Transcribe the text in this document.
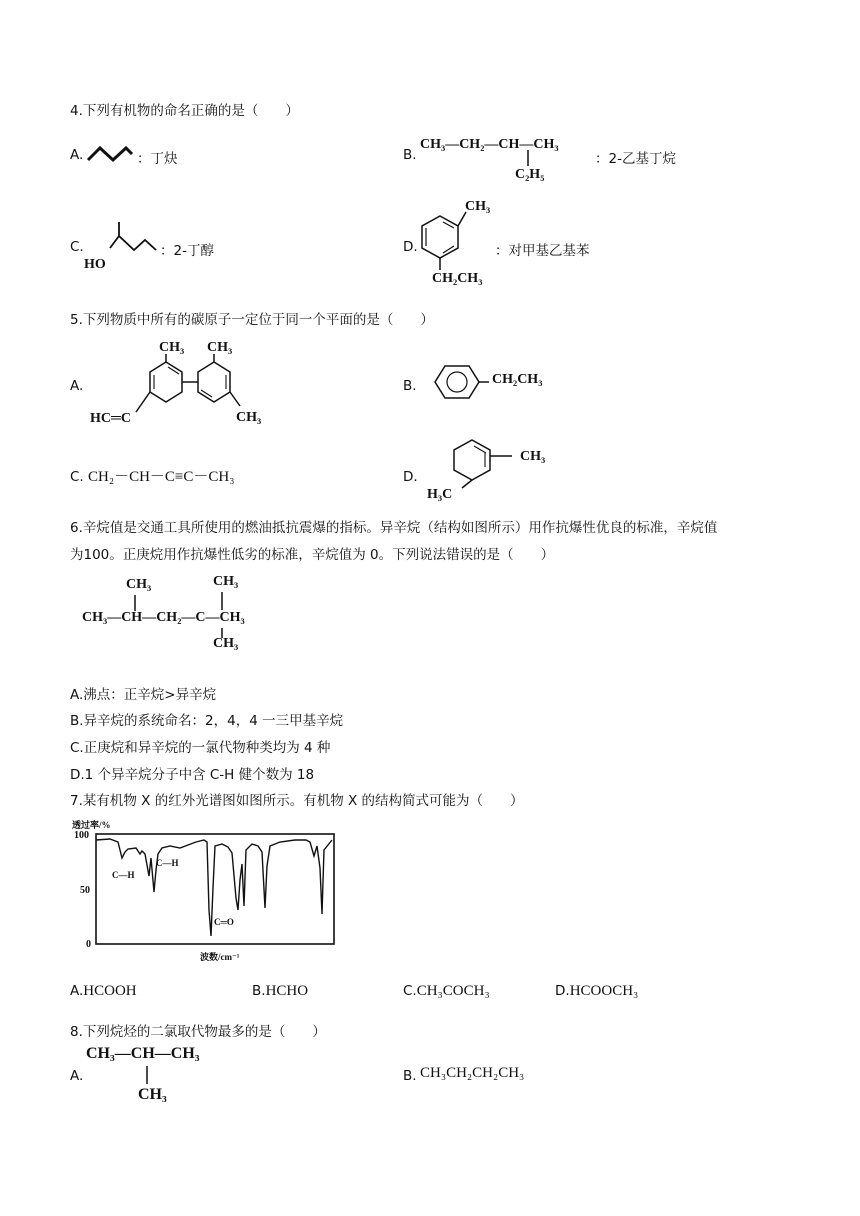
4.下列有机物的命名正确的是（　　）
A.	：丁炔	B.
CH₃—CH₂—CH—CH₃
C₂H₅
：2-乙基丁烷
C.
HO
：2-丁醇	D.
CH₃
CH₂CH₃
：对甲基乙基苯
5.下列物质中所有的碳原子一定位于同一个平面的是（　　）
A.
CH₃ CH₃
CH₃
HC═C
B.	CH₂CH₃
C. CH₂－CH－C≡C－CH₃	D.
CH₃
H₃C
6.辛烷值是交通工具所使用的燃油抵抗震爆的指标。异辛烷（结构如图所示）用作抗爆性优良的标准，辛烷值
为100。正庚烷用作抗爆性低劣的标准，辛烷值为 0。下列说法错误的是（　　）
CH₃	CH₃
CH₃—CH—CH₂—C—CH₃
CH₃
A.沸点：正辛烷>异辛烷
B.异辛烷的系统命名：2，4，4 一三甲基辛烷
C.正庚烷和异辛烷的一氯代物种类均为 4 种
D.1 个异辛烷分子中含 C-H 健个数为 18
7.某有机物 X 的红外光谱图如图所示。有机物 X 的结构简式可能为（　　）
透过率/%
100
50
0
C—H
C—H
C═O
波数/cm⁻¹
A.HCOOH	B.HCHO	C.CH₃COCH₃	D.HCOOCH₃
8.下列烷烃的二氯取代物最多的是（　　）
A.
CH₃—CH—CH₃
CH₃
B. CH₃CH₂CH₂CH₃
